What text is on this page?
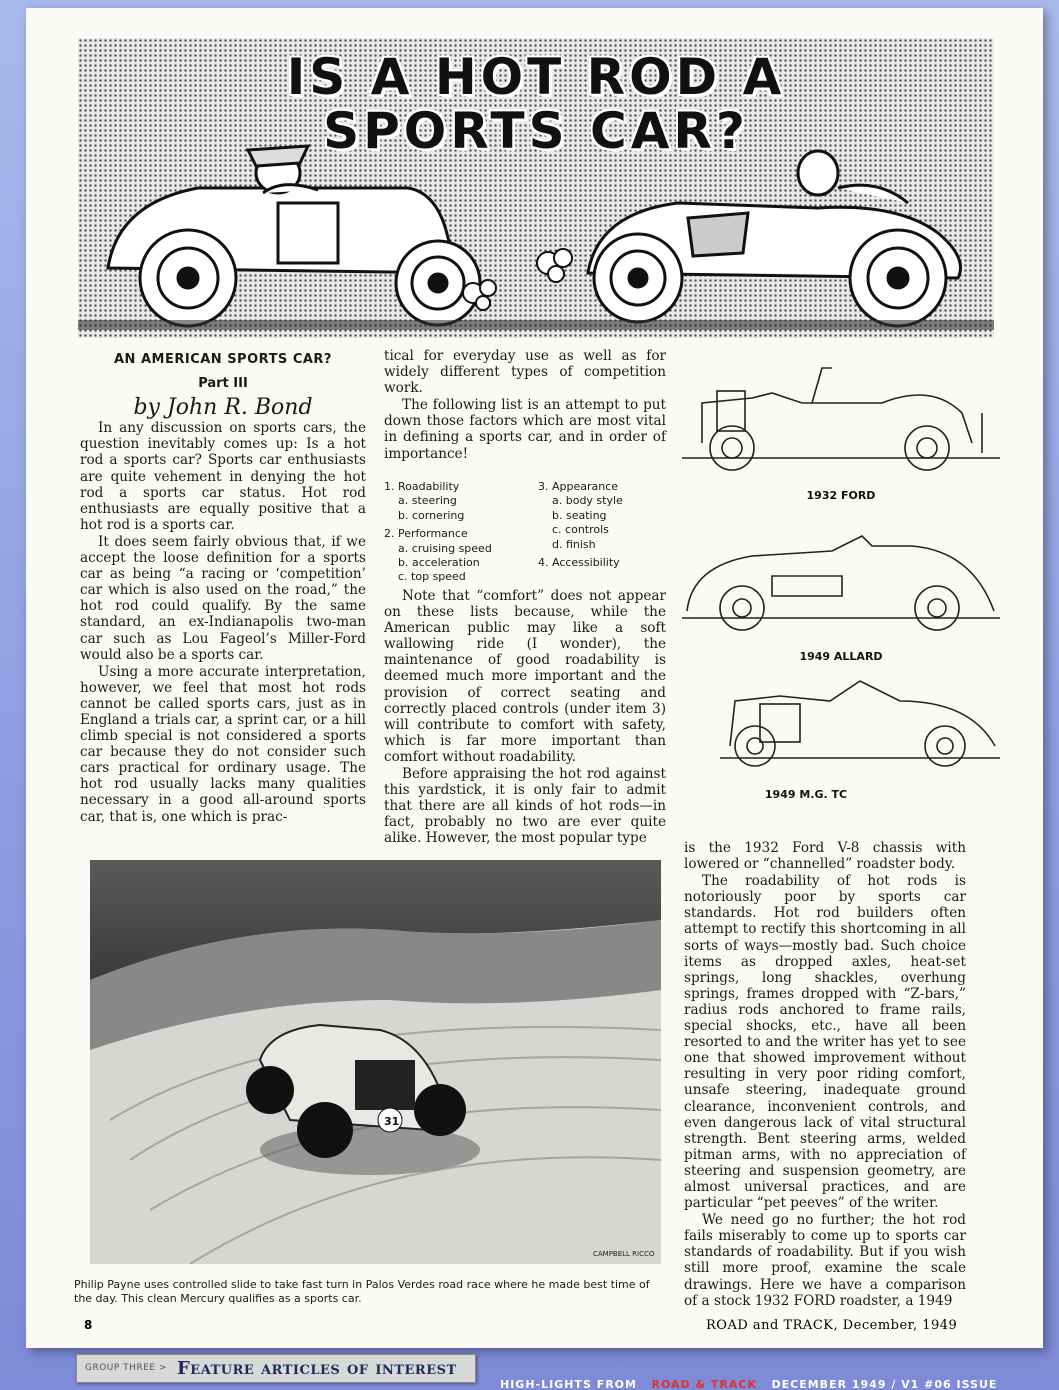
IS A HOT ROD A
SPORTS CAR?
AN AMERICAN SPORTS CAR?
Part III
by John R. Bond

In any discussion on sports cars, the question inevitably comes up: Is a hot rod a sports car? Sports car enthusiasts are quite vehement in denying the hot rod a sports car status. Hot rod enthusiasts are equally positive that a hot rod is a sports car.

It does seem fairly obvious that, if we accept the loose definition for a sports car as being “a racing or ‘competition’ car which is also used on the road,” the hot rod could qualify. By the same standard, an ex-Indianapolis two-man car such as Lou Fageol’s Miller-Ford would also be a sports car.

Using a more accurate interpretation, however, we feel that most hot rods cannot be called sports cars, just as in England a trials car, a sprint car, or a hill climb special is not considered a sports car because they do not consider such cars practical for ordinary usage. The hot rod usually lacks many qualities necessary in a good all-around sports car, that is, one which is prac-

tical for everyday use as well as for widely different types of competition work.

The following list is an attempt to put down those factors which are most vital in defining a sports car, and in order of importance!

1. Roadability
a. steering
b. cornering
2. Performance
a. cruising speed
b. acceleration
c. top speed
3. Appearance
a. body style
b. seating
c. controls
d. finish
4. Accessibility

Note that “comfort” does not appear on these lists because, while the American public may like a soft wallowing ride (I wonder), the maintenance of good roadability is deemed much more important and the provision of correct seating and correctly placed controls (under item 3) will contribute to comfort with safety, which is far more important than comfort without roadability.

Before appraising the hot rod against this yardstick, it is only fair to admit that there are all kinds of hot rods—in fact, probably no two are ever quite alike. However, the most popular type

1932 FORD
1949 ALLARD
1949 M.G. TC

is the 1932 Ford V-8 chassis with lowered or “channelled” roadster body.

The roadability of hot rods is notoriously poor by sports car standards. Hot rod builders often attempt to rectify this shortcoming in all sorts of ways—mostly bad. Such choice items as dropped axles, heat-set springs, long shackles, overhung springs, frames dropped with “Z-bars,” radius rods anchored to frame rails, special shocks, etc., have all been resorted to and the writer has yet to see one that showed improvement without resulting in very poor riding comfort, unsafe steering, inadequate ground clearance, inconvenient controls, and even dangerous lack of vital structural strength. Bent steering arms, welded pitman arms, with no appreciation of steering and suspension geometry, are almost universal practices, and are particular “pet peeves” of the writer.

We need go no further; the hot rod fails miserably to come up to sports car standards of roadability. But if you wish still more proof, examine the scale drawings. Here we have a comparison of a stock 1932 FORD roadster, a 1949

31
CAMPBELL RICCO
Philip Payne uses controlled slide to take fast turn in Palos Verdes road race where he made best time of the day. This clean Mercury qualifies as a sports car.
8	ROAD and TRACK, December, 1949
GROUP THREE > Feature articles of interest
HIGH-LIGHTS FROM ROAD & TRACK DECEMBER 1949 / V1 #06 ISSUE
